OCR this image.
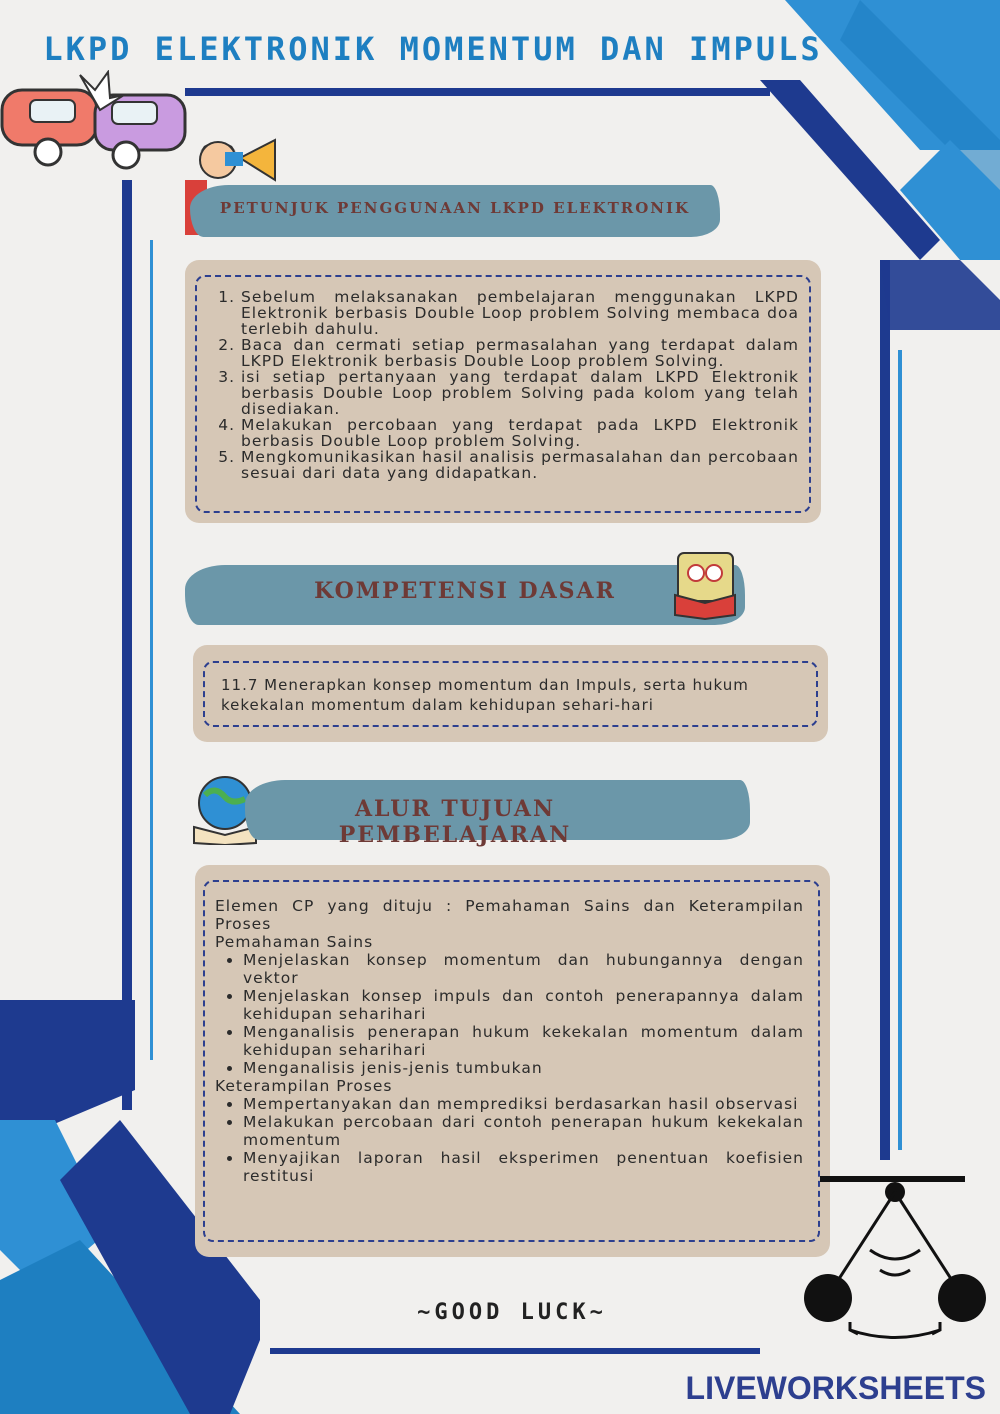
LKPD ELEKTRONIK MOMENTUM DAN IMPULS
PETUNJUK PENGGUNAAN LKPD ELEKTRONIK
1. Sebelum melaksanakan pembelajaran menggunakan LKPD Elektronik berbasis Double Loop problem Solving membaca doa terlebih dahulu.
2. Baca dan cermati setiap permasalahan yang terdapat dalam LKPD Elektronik berbasis Double Loop problem Solving.
3. isi setiap pertanyaan yang terdapat dalam LKPD Elektronik berbasis Double Loop problem Solving pada kolom yang telah disediakan.
4. Melakukan percobaan yang terdapat pada LKPD Elektronik berbasis Double Loop problem Solving.
5. Mengkomunikasikan hasil analisis permasalahan dan percobaan sesuai dari data yang didapatkan.
KOMPETENSI DASAR
11.7 Menerapkan konsep momentum dan Impuls, serta hukum kekekalan momentum dalam kehidupan sehari-hari
ALUR TUJUAN PEMBELAJARAN
Elemen CP yang dituju : Pemahaman Sains dan Keterampilan Proses
Pemahaman Sains
• Menjelaskan konsep momentum dan hubungannya dengan vektor
• Menjelaskan konsep impuls dan contoh penerapannya dalam kehidupan seharihari
• Menganalisis penerapan hukum kekekalan momentum dalam kehidupan seharihari
• Menganalisis jenis-jenis tumbukan
Keterampilan Proses
• Mempertanyakan dan memprediksi berdasarkan hasil observasi
• Melakukan percobaan dari contoh penerapan hukum kekekalan momentum
• Menyajikan laporan hasil eksperimen penentuan koefisien restitusi
~GOOD LUCK~
LIVEWORKSHEETS
